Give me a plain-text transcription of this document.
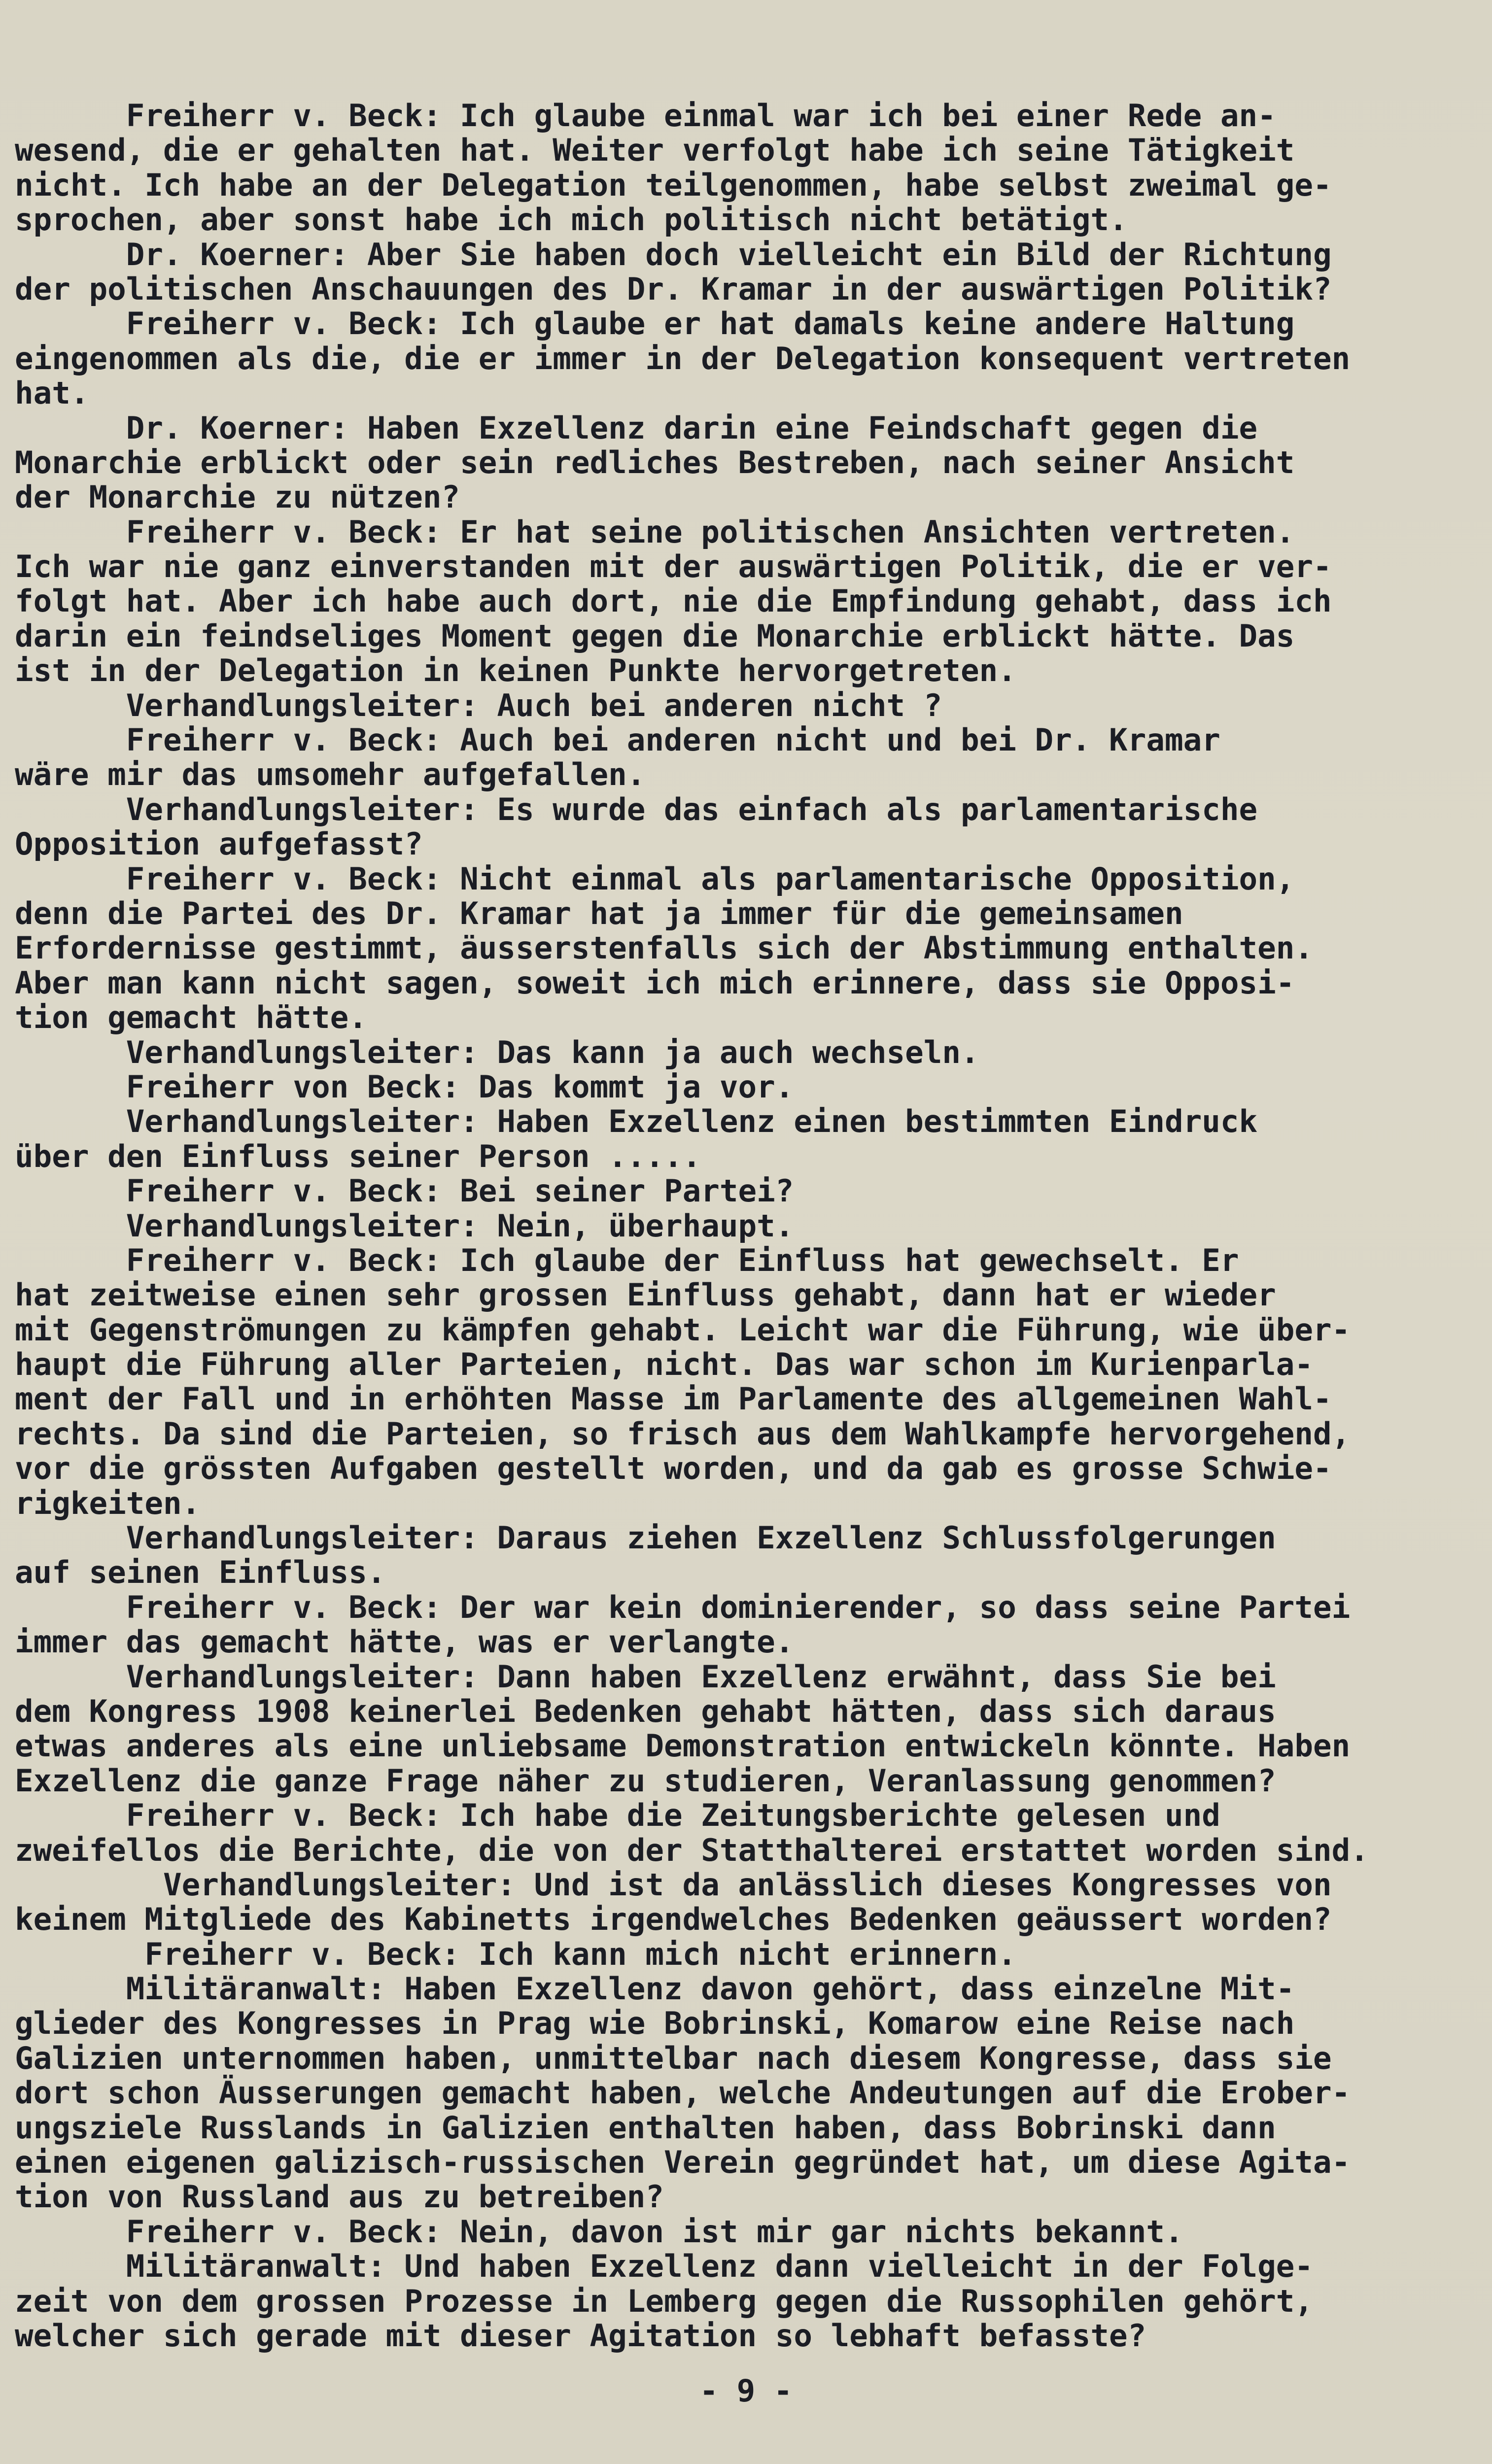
Freiherr v. Beck: Ich glaube einmal war ich bei einer Rede an-
wesend, die er gehalten hat. Weiter verfolgt habe ich seine Tätigkeit
nicht. Ich habe an der Delegation teilgenommen, habe selbst zweimal ge-
sprochen, aber sonst habe ich mich politisch nicht betätigt.
Dr. Koerner: Aber Sie haben doch vielleicht ein Bild der Richtung
der politischen Anschauungen des Dr. Kramar in der auswärtigen Politik?
Freiherr v. Beck: Ich glaube er hat damals keine andere Haltung
eingenommen als die, die er immer in der Delegation konsequent vertreten
hat.
Dr. Koerner: Haben Exzellenz darin eine Feindschaft gegen die
Monarchie erblickt oder sein redliches Bestreben, nach seiner Ansicht
der Monarchie zu nützen?
Freiherr v. Beck: Er hat seine politischen Ansichten vertreten.
Ich war nie ganz einverstanden mit der auswärtigen Politik, die er ver-
folgt hat. Aber ich habe auch dort, nie die Empfindung gehabt, dass ich
darin ein feindseliges Moment gegen die Monarchie erblickt hätte. Das
ist in der Delegation in keinen Punkte hervorgetreten.
Verhandlungsleiter: Auch bei anderen nicht ?
Freiherr v. Beck: Auch bei anderen nicht und bei Dr. Kramar
wäre mir das umsomehr aufgefallen.
Verhandlungsleiter: Es wurde das einfach als parlamentarische
Opposition aufgefasst?
Freiherr v. Beck: Nicht einmal als parlamentarische Opposition,
denn die Partei des Dr. Kramar hat ja immer für die gemeinsamen
Erfordernisse gestimmt, äusserstenfalls sich der Abstimmung enthalten.
Aber man kann nicht sagen, soweit ich mich erinnere, dass sie Opposi-
tion gemacht hätte.
Verhandlungsleiter: Das kann ja auch wechseln.
Freiherr von Beck: Das kommt ja vor.
Verhandlungsleiter: Haben Exzellenz einen bestimmten Eindruck
über den Einfluss seiner Person .....
Freiherr v. Beck: Bei seiner Partei?
Verhandlungsleiter: Nein, überhaupt.
Freiherr v. Beck: Ich glaube der Einfluss hat gewechselt. Er
hat zeitweise einen sehr grossen Einfluss gehabt, dann hat er wieder
mit Gegenströmungen zu kämpfen gehabt. Leicht war die Führung, wie über-
haupt die Führung aller Parteien, nicht. Das war schon im Kurienparla-
ment der Fall und in erhöhten Masse im Parlamente des allgemeinen Wahl-
rechts. Da sind die Parteien, so frisch aus dem Wahlkampfe hervorgehend,
vor die grössten Aufgaben gestellt worden, und da gab es grosse Schwie-
rigkeiten.
Verhandlungsleiter: Daraus ziehen Exzellenz Schlussfolgerungen
auf seinen Einfluss.
Freiherr v. Beck: Der war kein dominierender, so dass seine Partei
immer das gemacht hätte, was er verlangte.
Verhandlungsleiter: Dann haben Exzellenz erwähnt, dass Sie bei
dem Kongress 1908 keinerlei Bedenken gehabt hätten, dass sich daraus
etwas anderes als eine unliebsame Demonstration entwickeln könnte. Haben
Exzellenz die ganze Frage näher zu studieren, Veranlassung genommen?
Freiherr v. Beck: Ich habe die Zeitungsberichte gelesen und
zweifellos die Berichte, die von der Statthalterei erstattet worden sind.
Verhandlungsleiter: Und ist da anlässlich dieses Kongresses von
keinem Mitgliede des Kabinetts irgendwelches Bedenken geäussert worden?
Freiherr v. Beck: Ich kann mich nicht erinnern.
Militäranwalt: Haben Exzellenz davon gehört, dass einzelne Mit-
glieder des Kongresses in Prag wie Bobrinski, Komarow eine Reise nach
Galizien unternommen haben, unmittelbar nach diesem Kongresse, dass sie
dort schon Äusserungen gemacht haben, welche Andeutungen auf die Erober-
ungsziele Russlands in Galizien enthalten haben, dass Bobrinski dann
einen eigenen galizisch-russischen Verein gegründet hat, um diese Agita-
tion von Russland aus zu betreiben?
Freiherr v. Beck: Nein, davon ist mir gar nichts bekannt.
Militäranwalt: Und haben Exzellenz dann vielleicht in der Folge-
zeit von dem grossen Prozesse in Lemberg gegen die Russophilen gehört,
welcher sich gerade mit dieser Agitation so lebhaft befasste?
- 9 -
